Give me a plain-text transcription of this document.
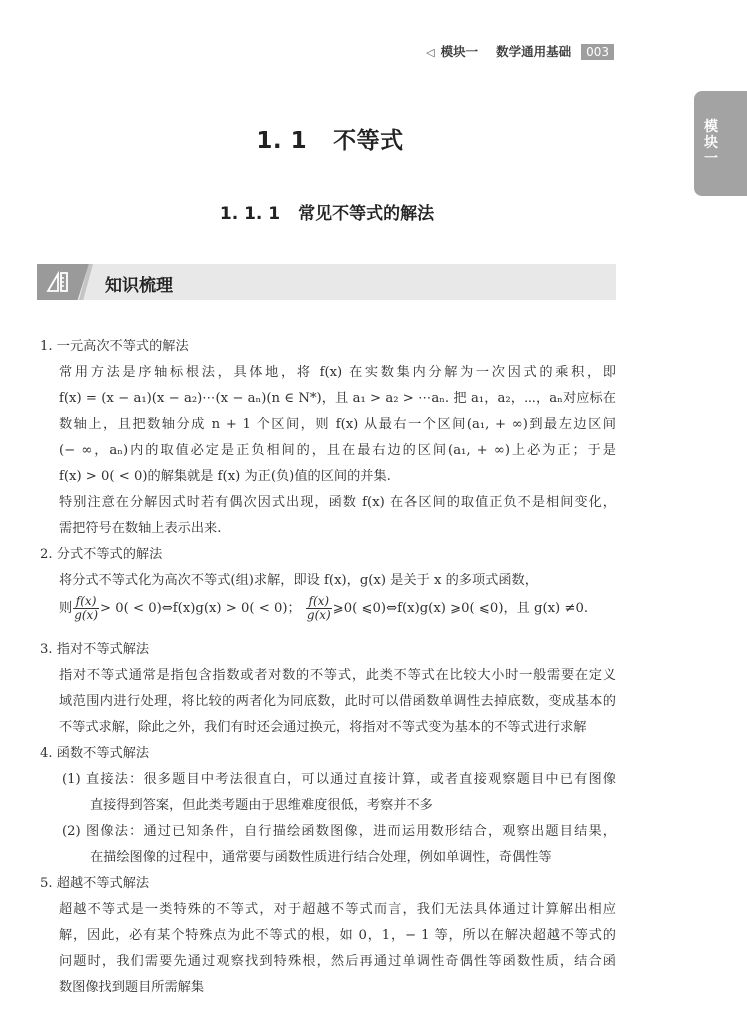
◁ 模块一 数学通用基础 003
模块一
1. 1 不等式
1. 1. 1 常见不等式的解法
知识梳理
1. 一元高次不等式的解法
常用方法是序轴标根法，具体地，将 f(x) 在实数集内分解为一次因式的乘积，即
f(x) = (x − a₁)(x − a₂)⋯(x − aₙ)(n ∈ N*)，且 a₁ > a₂ > ⋯aₙ. 把 a₁，a₂，⋯，aₙ对应标在
数轴上，且把数轴分成 n + 1 个区间，则 f(x) 从最右一个区间(a₁, + ∞)到最左边区间
(− ∞，aₙ)内的取值必定是正负相间的，且在最右边的区间(a₁, + ∞)上必为正；于是
f(x) > 0( < 0)的解集就是 f(x) 为正(负)值的区间的并集.
特别注意在分解因式时若有偶次因式出现，函数 f(x) 在各区间的取值正负不是相间变化，
需把符号在数轴上表示出来.
2. 分式不等式的解法
将分式不等式化为高次不等式(组)求解，即设 f(x)，g(x) 是关于 x 的多项式函数，
则 $\frac{f(x)}{g(x)} > 0$( < 0)⇔f(x)g(x) > 0( < 0)； $\frac{f(x)}{g(x)}$ ⩾0( ⩽0)⇔f(x)g(x) ⩾0( ⩽0)，且 g(x) ≠0.
3. 指对不等式解法
指对不等式通常是指包含指数或者对数的不等式，此类不等式在比较大小时一般需要在定义
域范围内进行处理，将比较的两者化为同底数，此时可以借函数单调性去掉底数，变成基本的
不等式求解，除此之外，我们有时还会通过换元，将指对不等式变为基本的不等式进行求解
4. 函数不等式解法
(1) 直接法：很多题目中考法很直白，可以通过直接计算，或者直接观察题目中已有图像
直接得到答案，但此类考题由于思维难度很低，考察并不多
(2) 图像法：通过已知条件，自行描绘函数图像，进而运用数形结合，观察出题目结果，
在描绘图像的过程中，通常要与函数性质进行结合处理，例如单调性，奇偶性等
5. 超越不等式解法
超越不等式是一类特殊的不等式，对于超越不等式而言，我们无法具体通过计算解出相应
解，因此，必有某个特殊点为此不等式的根，如 0，1，− 1 等，所以在解决超越不等式的
问题时，我们需要先通过观察找到特殊根，然后再通过单调性奇偶性等函数性质，结合函
数图像找到题目所需解集
